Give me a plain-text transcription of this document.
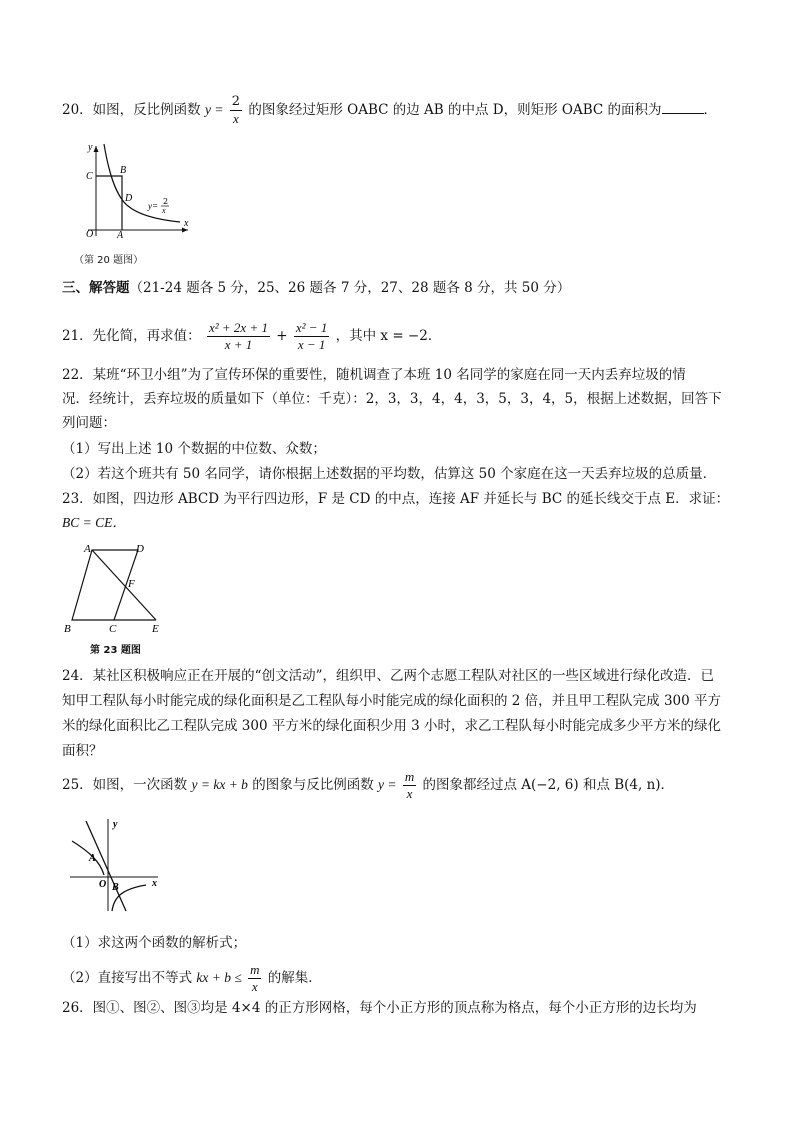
20．如图，反比例函数 $y = \frac{2}{x}$ 的图象经过矩形 OABC 的边 AB 的中点 D，则矩形 OABC 的面积为	．
y
x
O A
B
C
D
y= 2
x
（第 20 题图）
三、解答题（21-24 题各 5 分，25、26 题各 7 分，27、28 题各 8 分，共 50 分）
21．先化简，再求值： $\frac{\text{x² + 2x + 1}}{x + 1} + \frac{\text{x² − 1}}{x - 1}$ ，其中 x = −2．
22．某班“环卫小组”为了宣传环保的重要性，随机调查了本班 10 名同学的家庭在同一天内丢弃垃圾的情
况．经统计，丢弃垃圾的质量如下（单位：千克）：2，3，3，4，4，3，5，3，4，5，根据上述数据，回答下
列问题：
（1）写出上述 10 个数据的中位数、众数；
（2）若这个班共有 50 名同学，请你根据上述数据的平均数，估算这 50 个家庭在这一天丢弃垃圾的总质量．
23．如图，四边形 ABCD 为平行四边形，F 是 CD 的中点，连接 AF 并延长与 BC 的延长线交于点 E．求证：
BC = CE．
A	D
B	C	E
F
第 23 题图
24．某社区积极响应正在开展的“创文活动”，组织甲、乙两个志愿工程队对社区的一些区域进行绿化改造．已
知甲工程队每小时能完成的绿化面积是乙工程队每小时能完成的绿化面积的 2 倍，并且甲工程队完成 300 平方
米的绿化面积比乙工程队完成 300 平方米的绿化面积少用 3 小时，求乙工程队每小时能完成多少平方米的绿化
面积？
25．如图，一次函数 y = kx + b 的图象与反比例函数 $y = \frac{m}{x}$ 的图象都经过点 A(−2, 6) 和点 B(4, n)．
y
x
O
A
B
（1）求这两个函数的解析式；
（2）直接写出不等式 kx + $b \le \frac{m}{x}$ 的解集．
26．图①、图②、图③均是 4×4 的正方形网格，每个小正方形的顶点称为格点，每个小正方形的边长均为
